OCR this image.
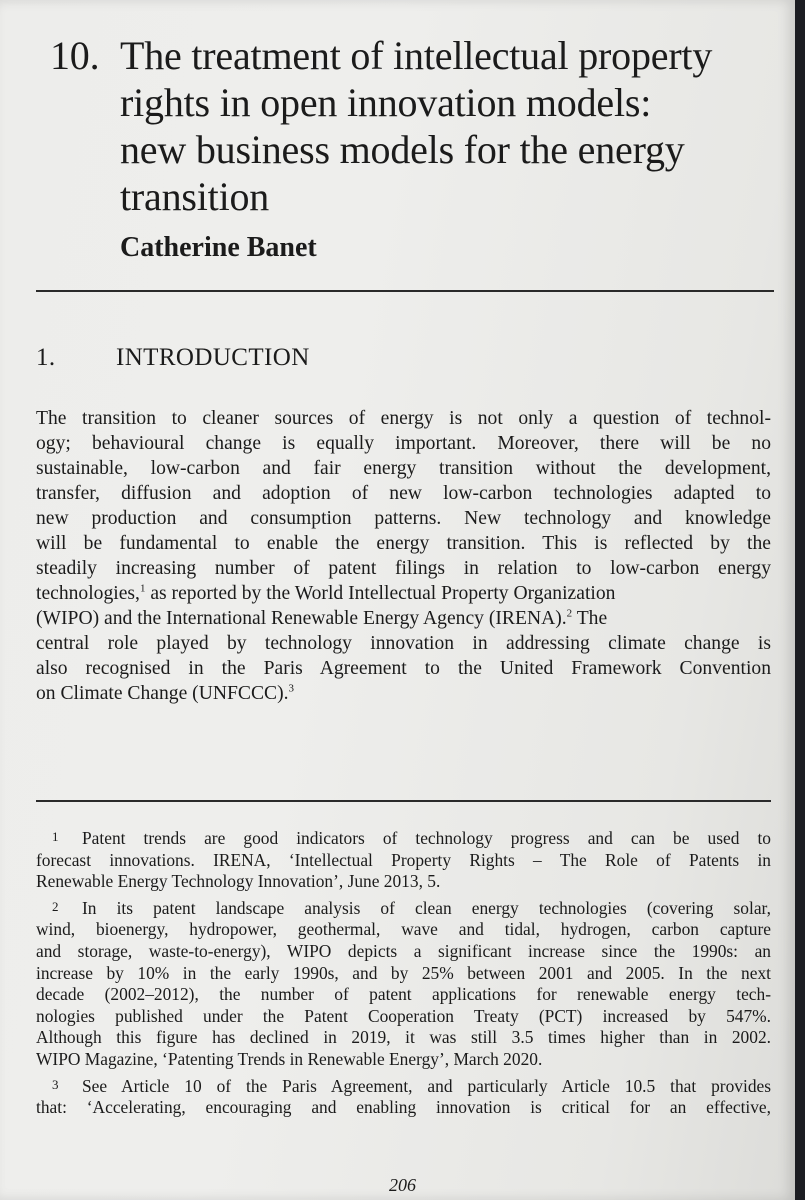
10. The treatment of intellectual property
rights in open innovation models:
new business models for the energy
transition
Catherine Banet
1. INTRODUCTION
The transition to cleaner sources of energy is not only a question of technol-
ogy; behavioural change is equally important. Moreover, there will be no
sustainable, low-carbon and fair energy transition without the development,
transfer, diffusion and adoption of new low-carbon technologies adapted to
new production and consumption patterns. New technology and knowledge
will be fundamental to enable the energy transition. This is reflected by the
steadily increasing number of patent filings in relation to low-carbon energy
technologies,$^1$ as reported by the World Intellectual Property Organization
(WIPO) and the International Renewable Energy Agency (IRENA).$^2$ The
central role played by technology innovation in addressing climate change is
also recognised in the Paris Agreement to the United Framework Convention
on Climate Change (UNFCCC).$^3$
1 Patent trends are good indicators of technology progress and can be used to
forecast innovations. IRENA, ‘Intellectual Property Rights – The Role of Patents in
Renewable Energy Technology Innovation’, June 2013, 5.
2 In its patent landscape analysis of clean energy technologies (covering solar,
wind, bioenergy, hydropower, geothermal, wave and tidal, hydrogen, carbon capture
and storage, waste-to-energy), WIPO depicts a significant increase since the 1990s: an
increase by 10% in the early 1990s, and by 25% between 2001 and 2005. In the next
decade (2002–2012), the number of patent applications for renewable energy tech-
nologies published under the Patent Cooperation Treaty (PCT) increased by 547%.
Although this figure has declined in 2019, it was still 3.5 times higher than in 2002.
WIPO Magazine, ‘Patenting Trends in Renewable Energy’, March 2020.
3 See Article 10 of the Paris Agreement, and particularly Article 10.5 that provides
that: ‘Accelerating, encouraging and enabling innovation is critical for an effective,
206
